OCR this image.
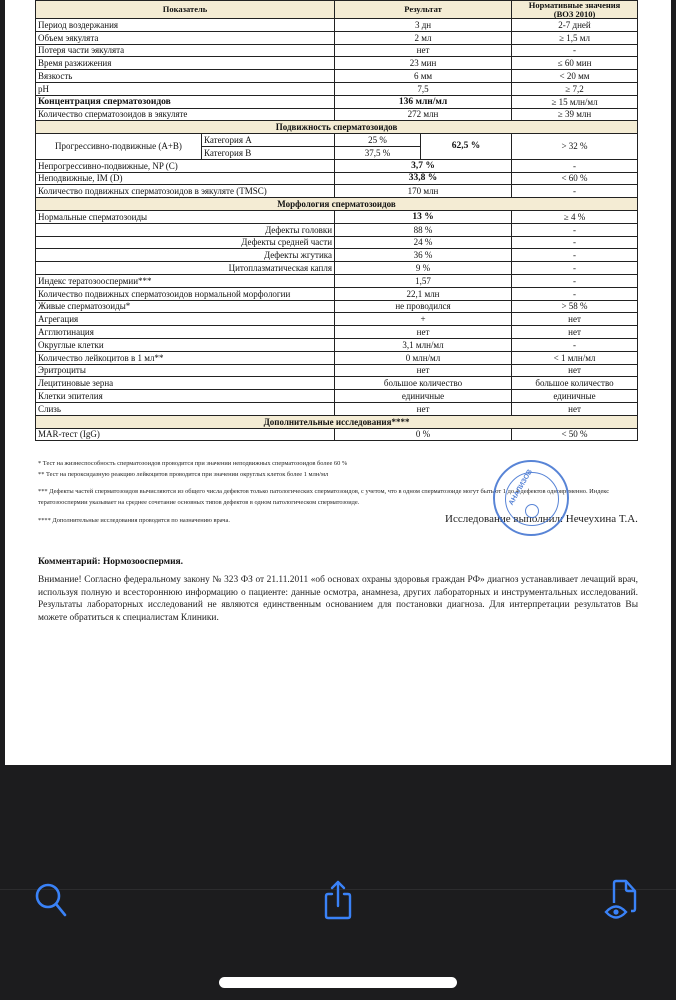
Показатель		Результат		Нормативные значения
(ВОЗ 2010)
Период воздержания		3 дн		2-7 дней
Объем эякулята		2 мл		≥ 1,5 мл
Потеря части эякулята		нет		-
Время разжижения		23 мин		≤ 60 мин
Вязкость		6 мм		< 20 мм
pH		7,5		≥ 7,2
Концентрация сперматозоидов		136 млн/мл		≥ 15 млн/мл
Количество сперматозоидов в эякуляте		272 млн		≥ 39 млн
Подвижность сперматозоидов				
Прогрессивно-подвижные (A+B)	Категория A	25 %	62,5 %	> 32 %
	Категория B	37,5 %		
Непрогрессивно-подвижные, NP (C)		3,7 %		-
Неподвижные, IM (D)		33,8 %		< 60 %
Количество подвижных сперматозоидов в эякуляте (TMSC)		170 млн		-
Морфология сперматозоидов				
Нормальные сперматозоиды		13 %		≥ 4 %
Дефекты головки		88 %		-
Дефекты средней части		24 %		-
Дефекты жгутика		36 %		-
Цитоплазматическая капля		9 %		-
Индекс тератозооспермии***		1,57		-
Количество подвижных сперматозоидов нормальной морфологии		22,1 млн		-
Живые сперматозоиды*		не проводился		> 58 %
Агрегация		+		нет
Агглютинация		нет		нет
Округлые клетки		3,1 млн/мл		-
Количество лейкоцитов в 1 мл**		0 млн/мл		< 1 млн/мл
Эритроциты		нет		нет
Лецитиновые зерна		большое количество		большое количество
Клетки эпителия		единичные		единичные
Слизь		нет		нет
Дополнительные исследования****				
MAR-тест (IgG)		0 %		< 50 %
* Тест на жизнеспособность сперматозоидов проводится при значении неподвижных сперматозоидов более 60 %
** Тест на пероксидазную реакцию лейкоцитов проводится при значении округлых клеток более 1 млн/мл
*** Дефекты частей сперматозоидов вычисляются из общего числа дефектов только патологических сперматозоидов, с учетом, что в одном сперматозоиде могут быть от 1 до 4 дефектов одновременно. Индекс тератозооспермии указывает на среднее сочетание основных типов дефектов в одном патологическом сперматозоиде.
**** Дополнительные исследования проводятся по назначению врача.	Исследование выполнил: Нечеухина Т.А.
АНАЛИЗОВ
Комментарий: Нормозооспермия.
Внимание! Согласно федеральному закону № 323 ФЗ от 21.11.2011 «об основах охраны здоровья граждан РФ» диагноз устанавливает лечащий врач, используя полную и всестороннюю информацию о пациенте: данные осмотра, анамнеза, других лабораторных и инструментальных исследований. Результаты лабораторных исследований не являются единственным основанием для постановки диагноза. Для интерпретации результатов Вы можете обратиться к специалистам Клиники.
